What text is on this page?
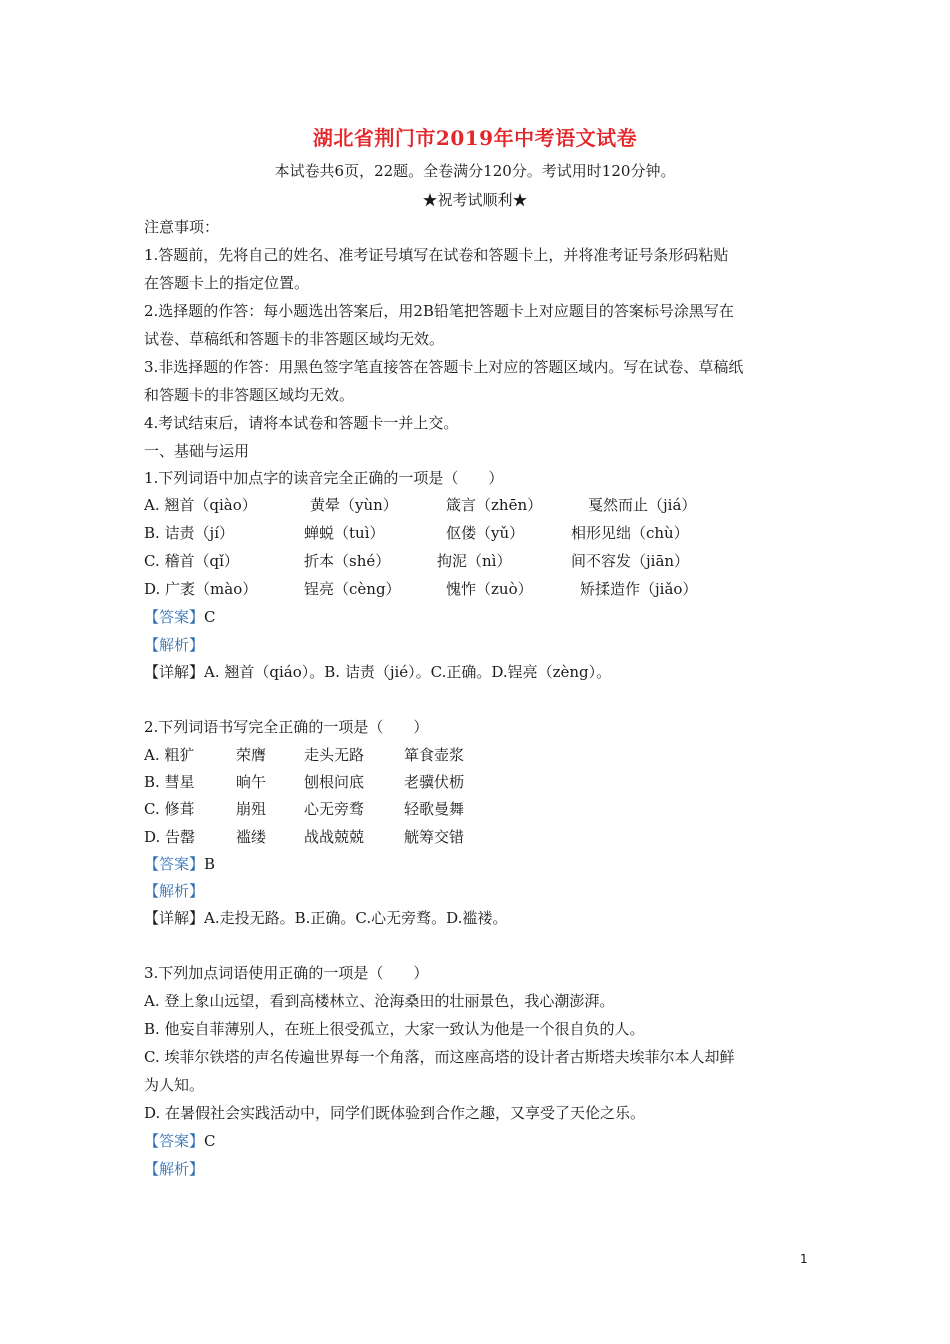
湖北省荆门市2019年中考语文试卷
本试卷共6页，22题。全卷满分120分。考试用时120分钟。
★祝考试顺利★
注意事项：
1.答题前，先将自己的姓名、准考证号填写在试卷和答题卡上，并将准考证号条形码粘贴
在答题卡上的指定位置。
2.选择题的作答：每小题选出答案后，用2B铅笔把答题卡上对应题目的答案标号涂黑写在
试卷、草稿纸和答题卡的非答题区域均无效。
3.非选择题的作答：用黑色签字笔直接答在答题卡上对应的答题区域内。写在试卷、草稿纸
和答题卡的非答题区域均无效。
4.考试结束后，请将本试卷和答题卡一并上交。
一、基础与运用
1.下列词语中加点字的读音完全正确的一项是（　　）
A. 翘首（qiào）	黄晕（yùn）	箴言（zhēn）	戛然而止（jiá）
B. 诘责（jí）	蝉蜕（tuì）	伛偻（yǔ）	相形见绌（chù）
C. 稽首（qǐ）	折本（shé）	拘泥（nì）	间不容发（jiān）
D. 广袤（mào）	锃亮（cèng）	愧怍（zuò）	矫揉造作（jiǎo）
【答案】C
【解析】
【详解】A. 翘首（qiáo）。B. 诘责（jié）。C.正确。D.锃亮（zèng）。
2.下列词语书写完全正确的一项是（　　）
A. 粗犷	荣膺	走头无路	箪食壶浆
B. 彗星	晌午	刨根问底	老骥伏枥
C. 修葺	崩殂	心无旁骛	轻歌曼舞
D. 告罄	褴缕	战战兢兢	觥筹交错
【答案】B
【解析】
【详解】A.走投无路。B.正确。C.心无旁骛。D.褴褛。
3.下列加点词语使用正确的一项是（　　）
A. 登上象山远望，看到高楼林立、沧海桑田的壮丽景色，我心潮澎湃。
B. 他妄自菲薄别人，在班上很受孤立，大家一致认为他是一个很自负的人。
C. 埃菲尔铁塔的声名传遍世界每一个角落，而这座高塔的设计者古斯塔夫埃菲尔本人却鲜
为人知。
D. 在暑假社会实践活动中，同学们既体验到合作之趣，又享受了天伦之乐。
【答案】C
【解析】
1
